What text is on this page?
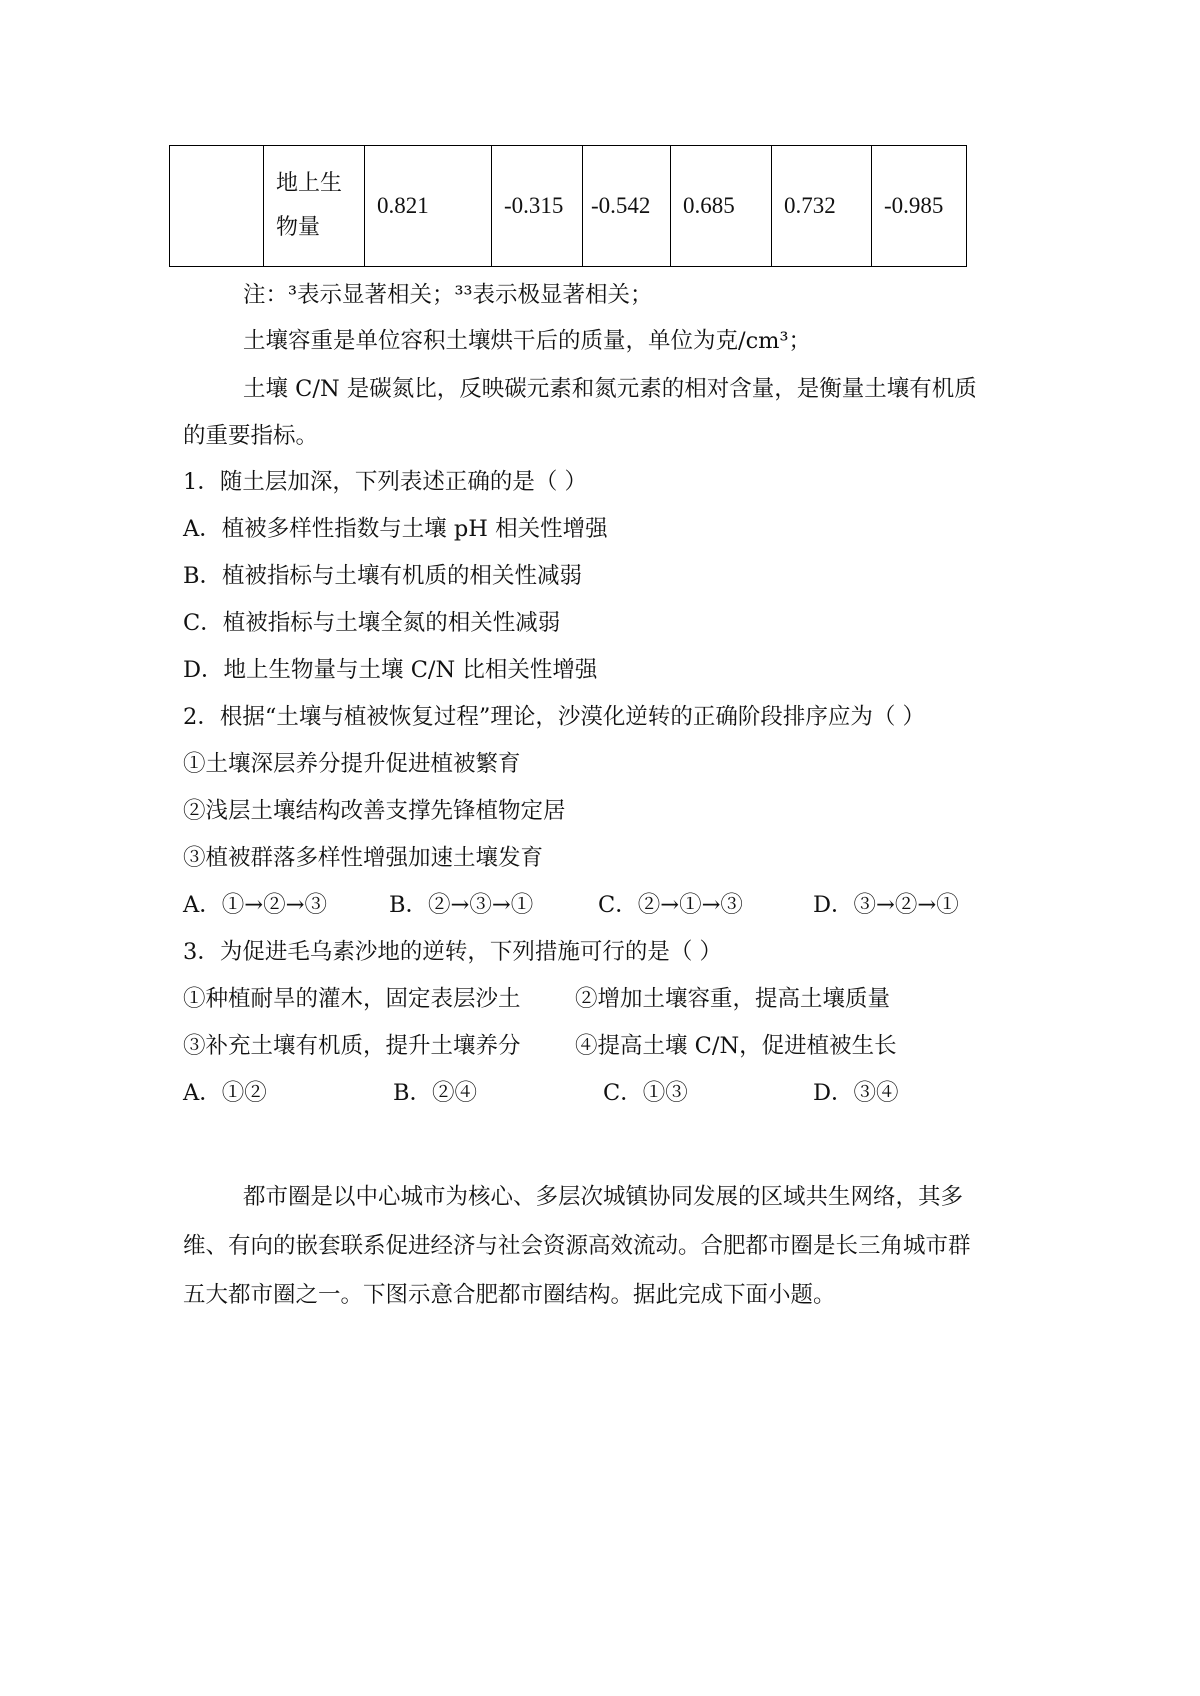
地上生
物量
	0.821	-0.315	-0.542	0.685	0.732	-0.985
注：³表示显著相关；³³表示极显著相关；
土壤容重是单位容积土壤烘干后的质量，单位为克/cm³；
土壤 C/N 是碳氮比，反映碳元素和氮元素的相对含量，是衡量土壤有机质
的重要指标。
1．随土层加深，下列表述正确的是（ ）
A．植被多样性指数与土壤 pH 相关性增强
B．植被指标与土壤有机质的相关性减弱
C．植被指标与土壤全氮的相关性减弱
D．地上生物量与土壤 C/N 比相关性增强
2．根据“土壤与植被恢复过程”理论，沙漠化逆转的正确阶段排序应为（ ）
①土壤深层养分提升促进植被繁育
②浅层土壤结构改善支撑先锋植物定居
③植被群落多样性增强加速土壤发育
A．①→②→③	B．②→③→①	C．②→①→③	D．③→②→①
3．为促进毛乌素沙地的逆转，下列措施可行的是（ ）
①种植耐旱的灌木，固定表层沙土 ②增加土壤容重，提高土壤质量
③补充土壤有机质，提升土壤养分 ④提高土壤 C/N，促进植被生长
A．①②	B．②④	C．①③	D．③④
都市圈是以中心城市为核心、多层次城镇协同发展的区域共生网络，其多
维、有向的嵌套联系促进经济与社会资源高效流动。合肥都市圈是长三角城市群
五大都市圈之一。下图示意合肥都市圈结构。据此完成下面小题。
